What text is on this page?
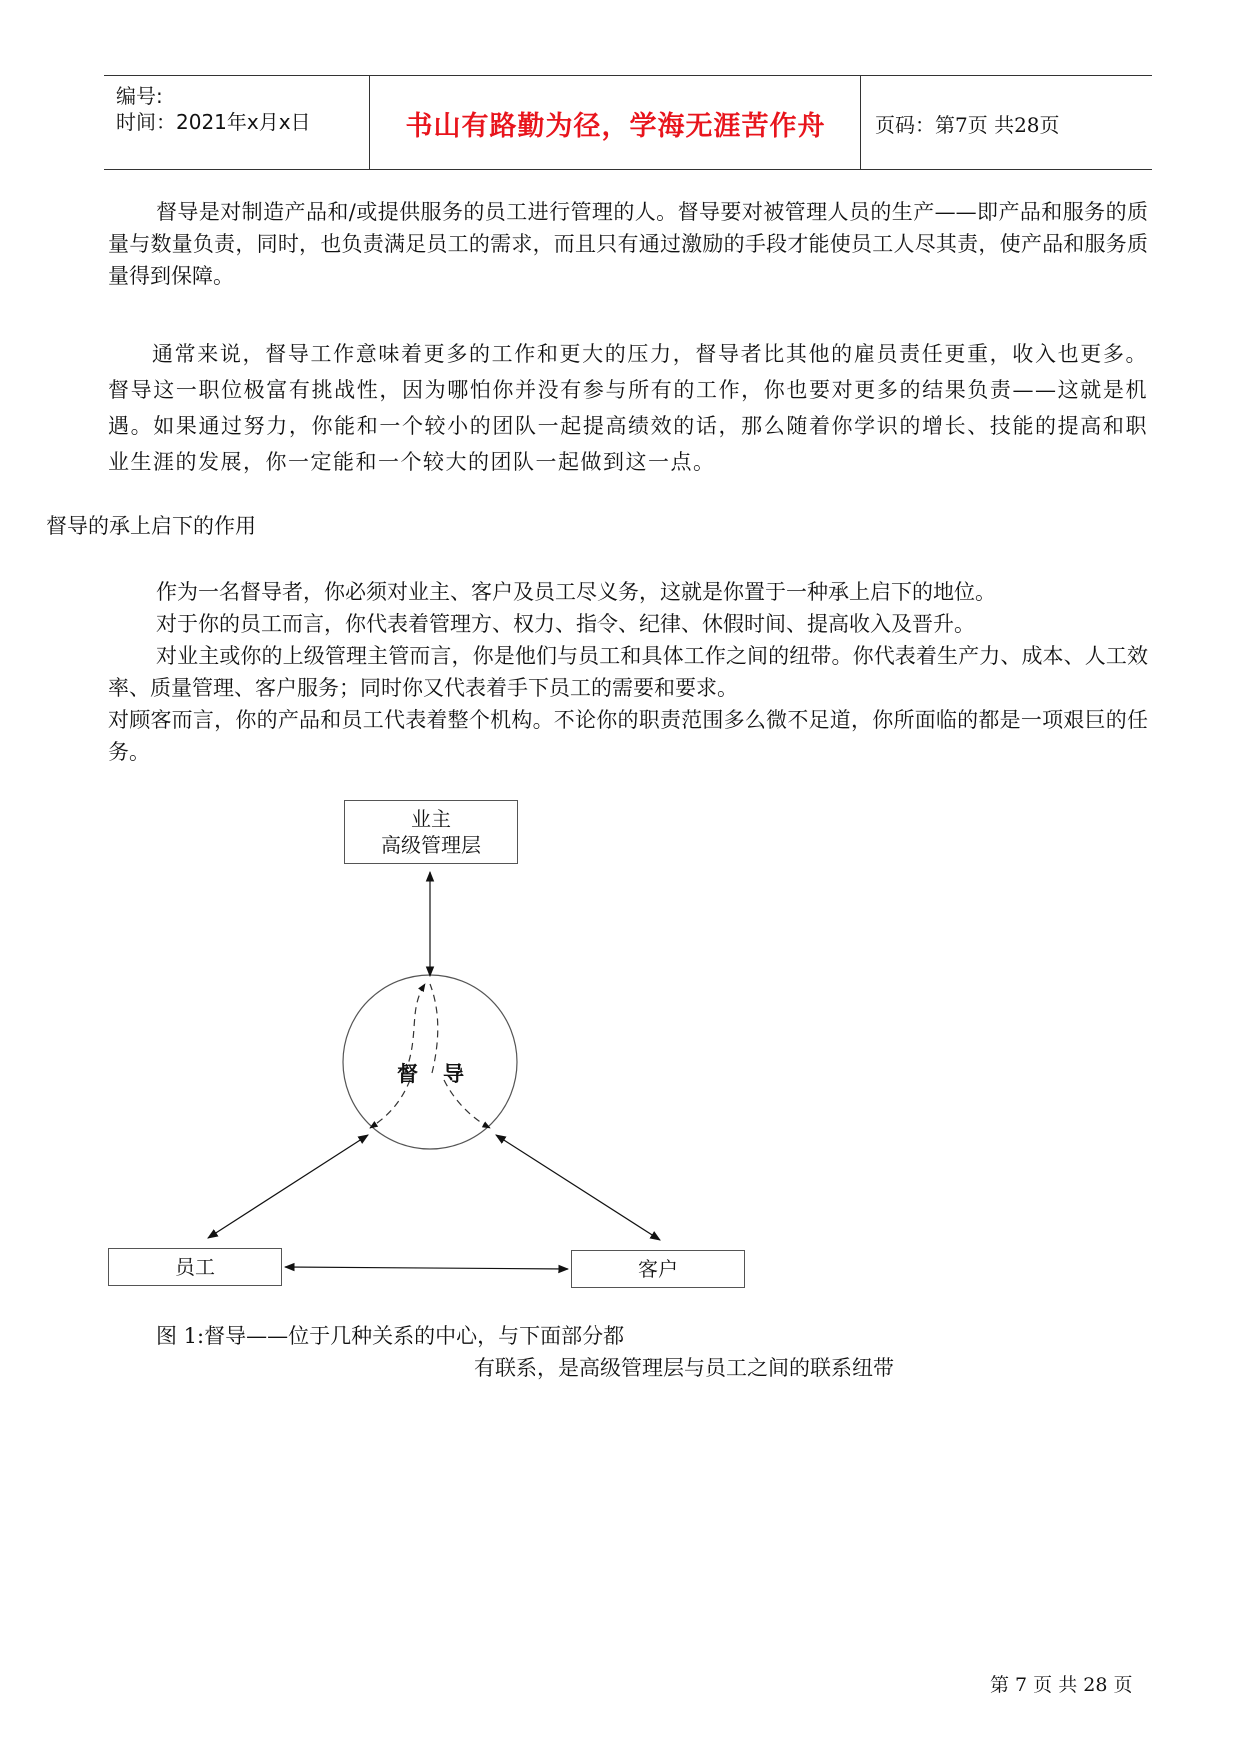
编号:
时间：2021年x月x日	书山有路勤为径，学海无涯苦作舟	页码：第7页 共28页
督导是对制造产品和/或提供服务的员工进行管理的人。督导要对被管理人员的生产——即产品和服务的质量与数量负责，同时，也负责满足员工的需求，而且只有通过激励的手段才能使员工人尽其责，使产品和服务质量得到保障。
通常来说，督导工作意味着更多的工作和更大的压力，督导者比其他的雇员责任更重，收入也更多。督导这一职位极富有挑战性，因为哪怕你并没有参与所有的工作，你也要对更多的结果负责——这就是机遇。如果通过努力，你能和一个较小的团队一起提高绩效的话，那么随着你学识的增长、技能的提高和职业生涯的发展，你一定能和一个较大的团队一起做到这一点。
督导的承上启下的作用
作为一名督导者，你必须对业主、客户及员工尽义务，这就是你置于一种承上启下的地位。
对于你的员工而言，你代表着管理方、权力、指令、纪律、休假时间、提高收入及晋升。
对业主或你的上级管理主管而言，你是他们与员工和具体工作之间的纽带。你代表着生产力、成本、人工效率、质量管理、客户服务；同时你又代表着手下员工的需要和要求。
对顾客而言，你的产品和员工代表着整个机构。不论你的职责范围多么微不足道，你所面临的都是一项艰巨的任务。
业主
高级管理层
督 导
员工	客户
图 1:督导——位于几种关系的中心，与下面部分都
有联系，是高级管理层与员工之间的联系纽带
第 7 页 共 28 页
